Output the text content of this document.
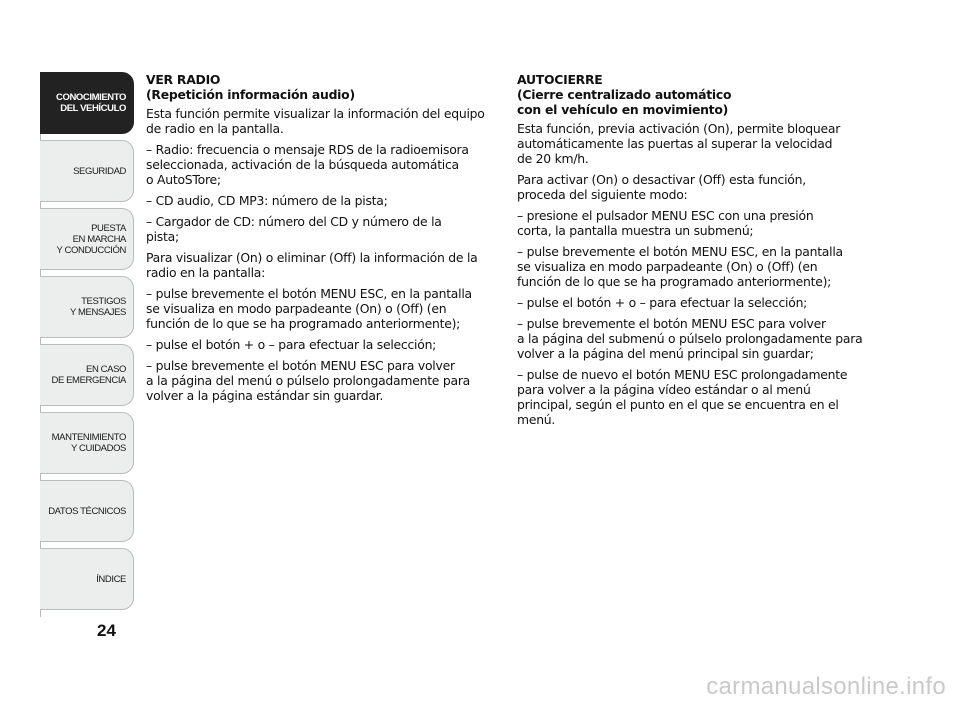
CONOCIMIENTO
DEL VEHÍCULO
SEGURIDAD
PUESTA
EN MARCHA
Y CONDUCCIÓN
TESTIGOS
Y MENSAJES
EN CASO
DE EMERGENCIA
MANTENIMIENTO
Y CUIDADOS
DATOS TÉCNICOS
ÍNDICE
24

VER RADIO
(Repetición información audio)

Esta función permite visualizar la información del equipo
de radio en la pantalla.

– Radio: frecuencia o mensaje RDS de la radioemisora
seleccionada, activación de la búsqueda automática
o AutoSTore;

– CD audio, CD MP3: número de la pista;

– Cargador de CD: número del CD y número de la
pista;

Para visualizar (On) o eliminar (Off) la información de la
radio en la pantalla:

– pulse brevemente el botón MENU ESC, en la pantalla
se visualiza en modo parpadeante (On) o (Off) (en
función de lo que se ha programado anteriormente);

– pulse el botón + o – para efectuar la selección;

– pulse brevemente el botón MENU ESC para volver
a la página del menú o púlselo prolongadamente para
volver a la página estándar sin guardar.

AUTOCIERRE
(Cierre centralizado automático
con el vehículo en movimiento)

Esta función, previa activación (On), permite bloquear
automáticamente las puertas al superar la velocidad
de 20 km/h.

Para activar (On) o desactivar (Off) esta función,
proceda del siguiente modo:

– presione el pulsador MENU ESC con una presión
corta, la pantalla muestra un submenú;

– pulse brevemente el botón MENU ESC, en la pantalla
se visualiza en modo parpadeante (On) o (Off) (en
función de lo que se ha programado anteriormente);

– pulse el botón + o – para efectuar la selección;

– pulse brevemente el botón MENU ESC para volver
a la página del submenú o púlselo prolongadamente para
volver a la página del menú principal sin guardar;

– pulse de nuevo el botón MENU ESC prolongadamente
para volver a la página vídeo estándar o al menú
principal, según el punto en el que se encuentra en el
menú.

carmanualsonline.info
